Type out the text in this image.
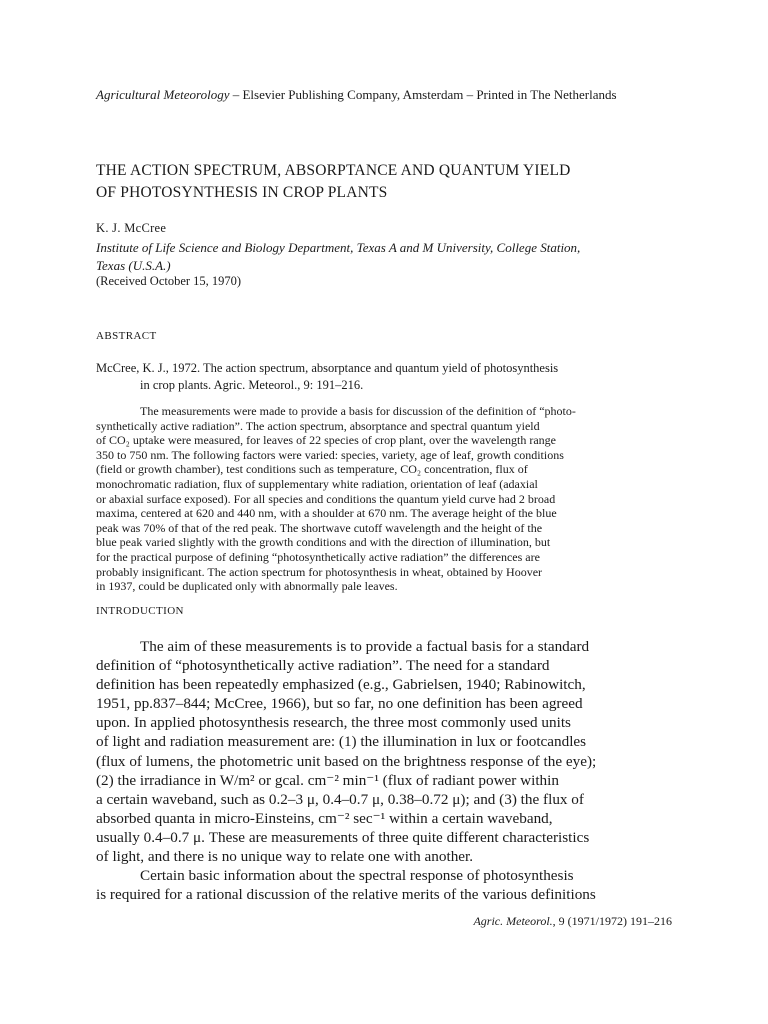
Agricultural Meteorology – Elsevier Publishing Company, Amsterdam – Printed in The Netherlands
THE ACTION SPECTRUM, ABSORPTANCE AND QUANTUM YIELD
OF PHOTOSYNTHESIS IN CROP PLANTS
K. J. McCree
Institute of Life Science and Biology Department, Texas A and M University, College Station,
Texas (U.S.A.)
(Received October 15, 1970)
ABSTRACT
McCree, K. J., 1972. The action spectrum, absorptance and quantum yield of photosynthesis
in crop plants. Agric. Meteorol., 9: 191–216.
The measurements were made to provide a basis for discussion of the definition of “photo-
synthetically active radiation”. The action spectrum, absorptance and spectral quantum yield
of CO₂ uptake were measured, for leaves of 22 species of crop plant, over the wavelength range
350 to 750 nm. The following factors were varied: species, variety, age of leaf, growth conditions
(field or growth chamber), test conditions such as temperature, CO₂ concentration, flux of
monochromatic radiation, flux of supplementary white radiation, orientation of leaf (adaxial
or abaxial surface exposed). For all species and conditions the quantum yield curve had 2 broad
maxima, centered at 620 and 440 nm, with a shoulder at 670 nm. The average height of the blue
peak was 70% of that of the red peak. The shortwave cutoff wavelength and the height of the
blue peak varied slightly with the growth conditions and with the direction of illumination, but
for the practical purpose of defining “photosynthetically active radiation” the differences are
probably insignificant. The action spectrum for photosynthesis in wheat, obtained by Hoover
in 1937, could be duplicated only with abnormally pale leaves.
INTRODUCTION
The aim of these measurements is to provide a factual basis for a standard
definition of “photosynthetically active radiation”. The need for a standard
definition has been repeatedly emphasized (e.g., Gabrielsen, 1940; Rabinowitch,
1951, pp.837–844; McCree, 1966), but so far, no one definition has been agreed
upon. In applied photosynthesis research, the three most commonly used units
of light and radiation measurement are: (1) the illumination in lux or footcandles
(flux of lumens, the photometric unit based on the brightness response of the eye);
(2) the irradiance in W/m² or gcal. cm⁻² min⁻¹ (flux of radiant power within
a certain waveband, such as 0.2–3 μ, 0.4–0.7 μ, 0.38–0.72 μ); and (3) the flux of
absorbed quanta in micro-Einsteins, cm⁻² sec⁻¹ within a certain waveband,
usually 0.4–0.7 μ. These are measurements of three quite different characteristics
of light, and there is no unique way to relate one with another.
Certain basic information about the spectral response of photosynthesis
is required for a rational discussion of the relative merits of the various definitions
Agric. Meteorol., 9 (1971/1972) 191–216
